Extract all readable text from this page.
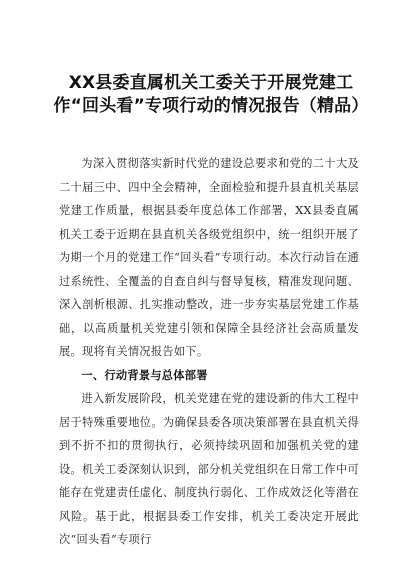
XX县委直属机关工委关于开展党建工作“回头看”专项行动的情况报告（精品）

为深入贯彻落实新时代党的建设总要求和党的二十大及二十届三中、四中全会精神，全面检验和提升县直机关基层党建工作质量，根据县委年度总体工作部署，XX县委直属机关工委于近期在县直机关各级党组织中，统一组织开展了为期一个月的党建工作“回头看”专项行动。本次行动旨在通过系统性、全覆盖的自查自纠与督导复核，精准发现问题、深入剖析根源、扎实推动整改，进一步夯实基层党建工作基础，以高质量机关党建引领和保障全县经济社会高质量发展。现将有关情况报告如下。

一、行动背景与总体部署

进入新发展阶段，机关党建在党的建设新的伟大工程中居于特殊重要地位。为确保县委各项决策部署在县直机关得到不折不扣的贯彻执行，必须持续巩固和加强机关党的建设。机关工委深刻认识到，部分机关党组织在日常工作中可能存在党建责任虚化、制度执行弱化、工作成效泛化等潜在风险。基于此，根据县委工作安排，机关工委决定开展此次“回头看”专项行
